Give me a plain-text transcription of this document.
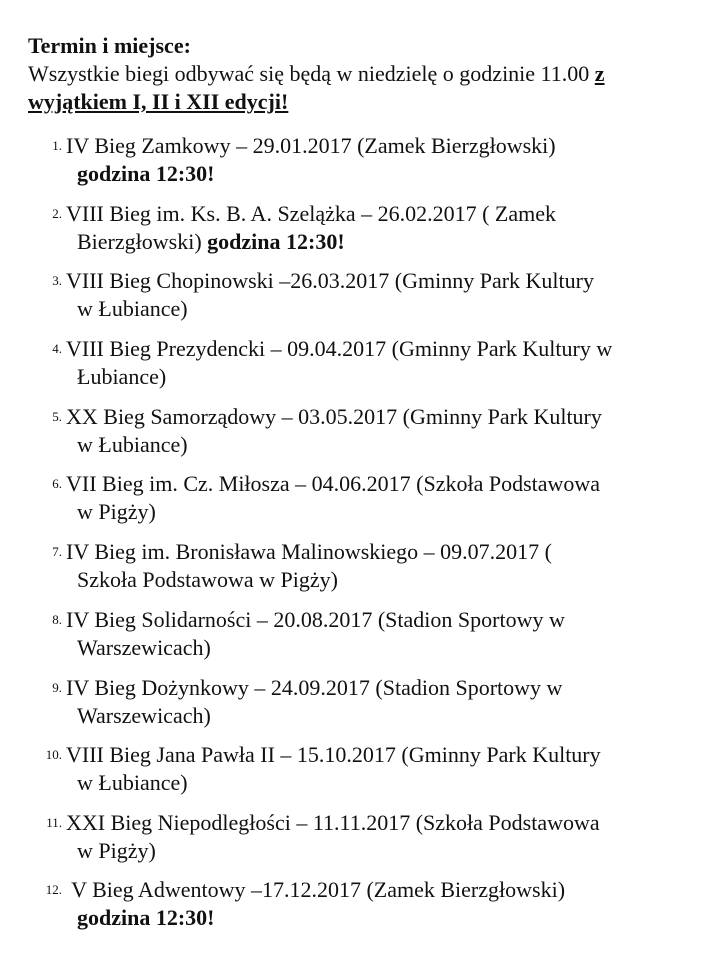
Termin i miejsce:

Wszystkie biegi odbywać się będą w niedzielę o godzinie 11.00 z
wyjątkiem I, II i XII edycji!

1. IV Bieg Zamkowy – 29.01.2017 (Zamek Bierzgłowski)
godzina 12:30!
2. VIII Bieg im. Ks. B. A. Szelążka – 26.02.2017 ( Zamek
Bierzgłowski) godzina 12:30!
3. VIII Bieg Chopinowski –26.03.2017 (Gminny Park Kultury
w Łubiance)
4. VIII Bieg Prezydencki – 09.04.2017 (Gminny Park Kultury w
Łubiance)
5. XX Bieg Samorządowy – 03.05.2017 (Gminny Park Kultury
w Łubiance)
6. VII Bieg im. Cz. Miłosza – 04.06.2017 (Szkoła Podstawowa
w Pigży)
7. IV Bieg im. Bronisława Malinowskiego – 09.07.2017 (
Szkoła Podstawowa w Pigży)
8. IV Bieg Solidarności – 20.08.2017 (Stadion Sportowy w
Warszewicach)
9. IV Bieg Dożynkowy – 24.09.2017 (Stadion Sportowy w
Warszewicach)
10. VIII Bieg Jana Pawła II – 15.10.2017 (Gminny Park Kultury
w Łubiance)
11. XXI Bieg Niepodległości – 11.11.2017 (Szkoła Podstawowa
w Pigży)
12. V Bieg Adwentowy –17.12.2017 (Zamek Bierzgłowski)
godzina 12:30!
